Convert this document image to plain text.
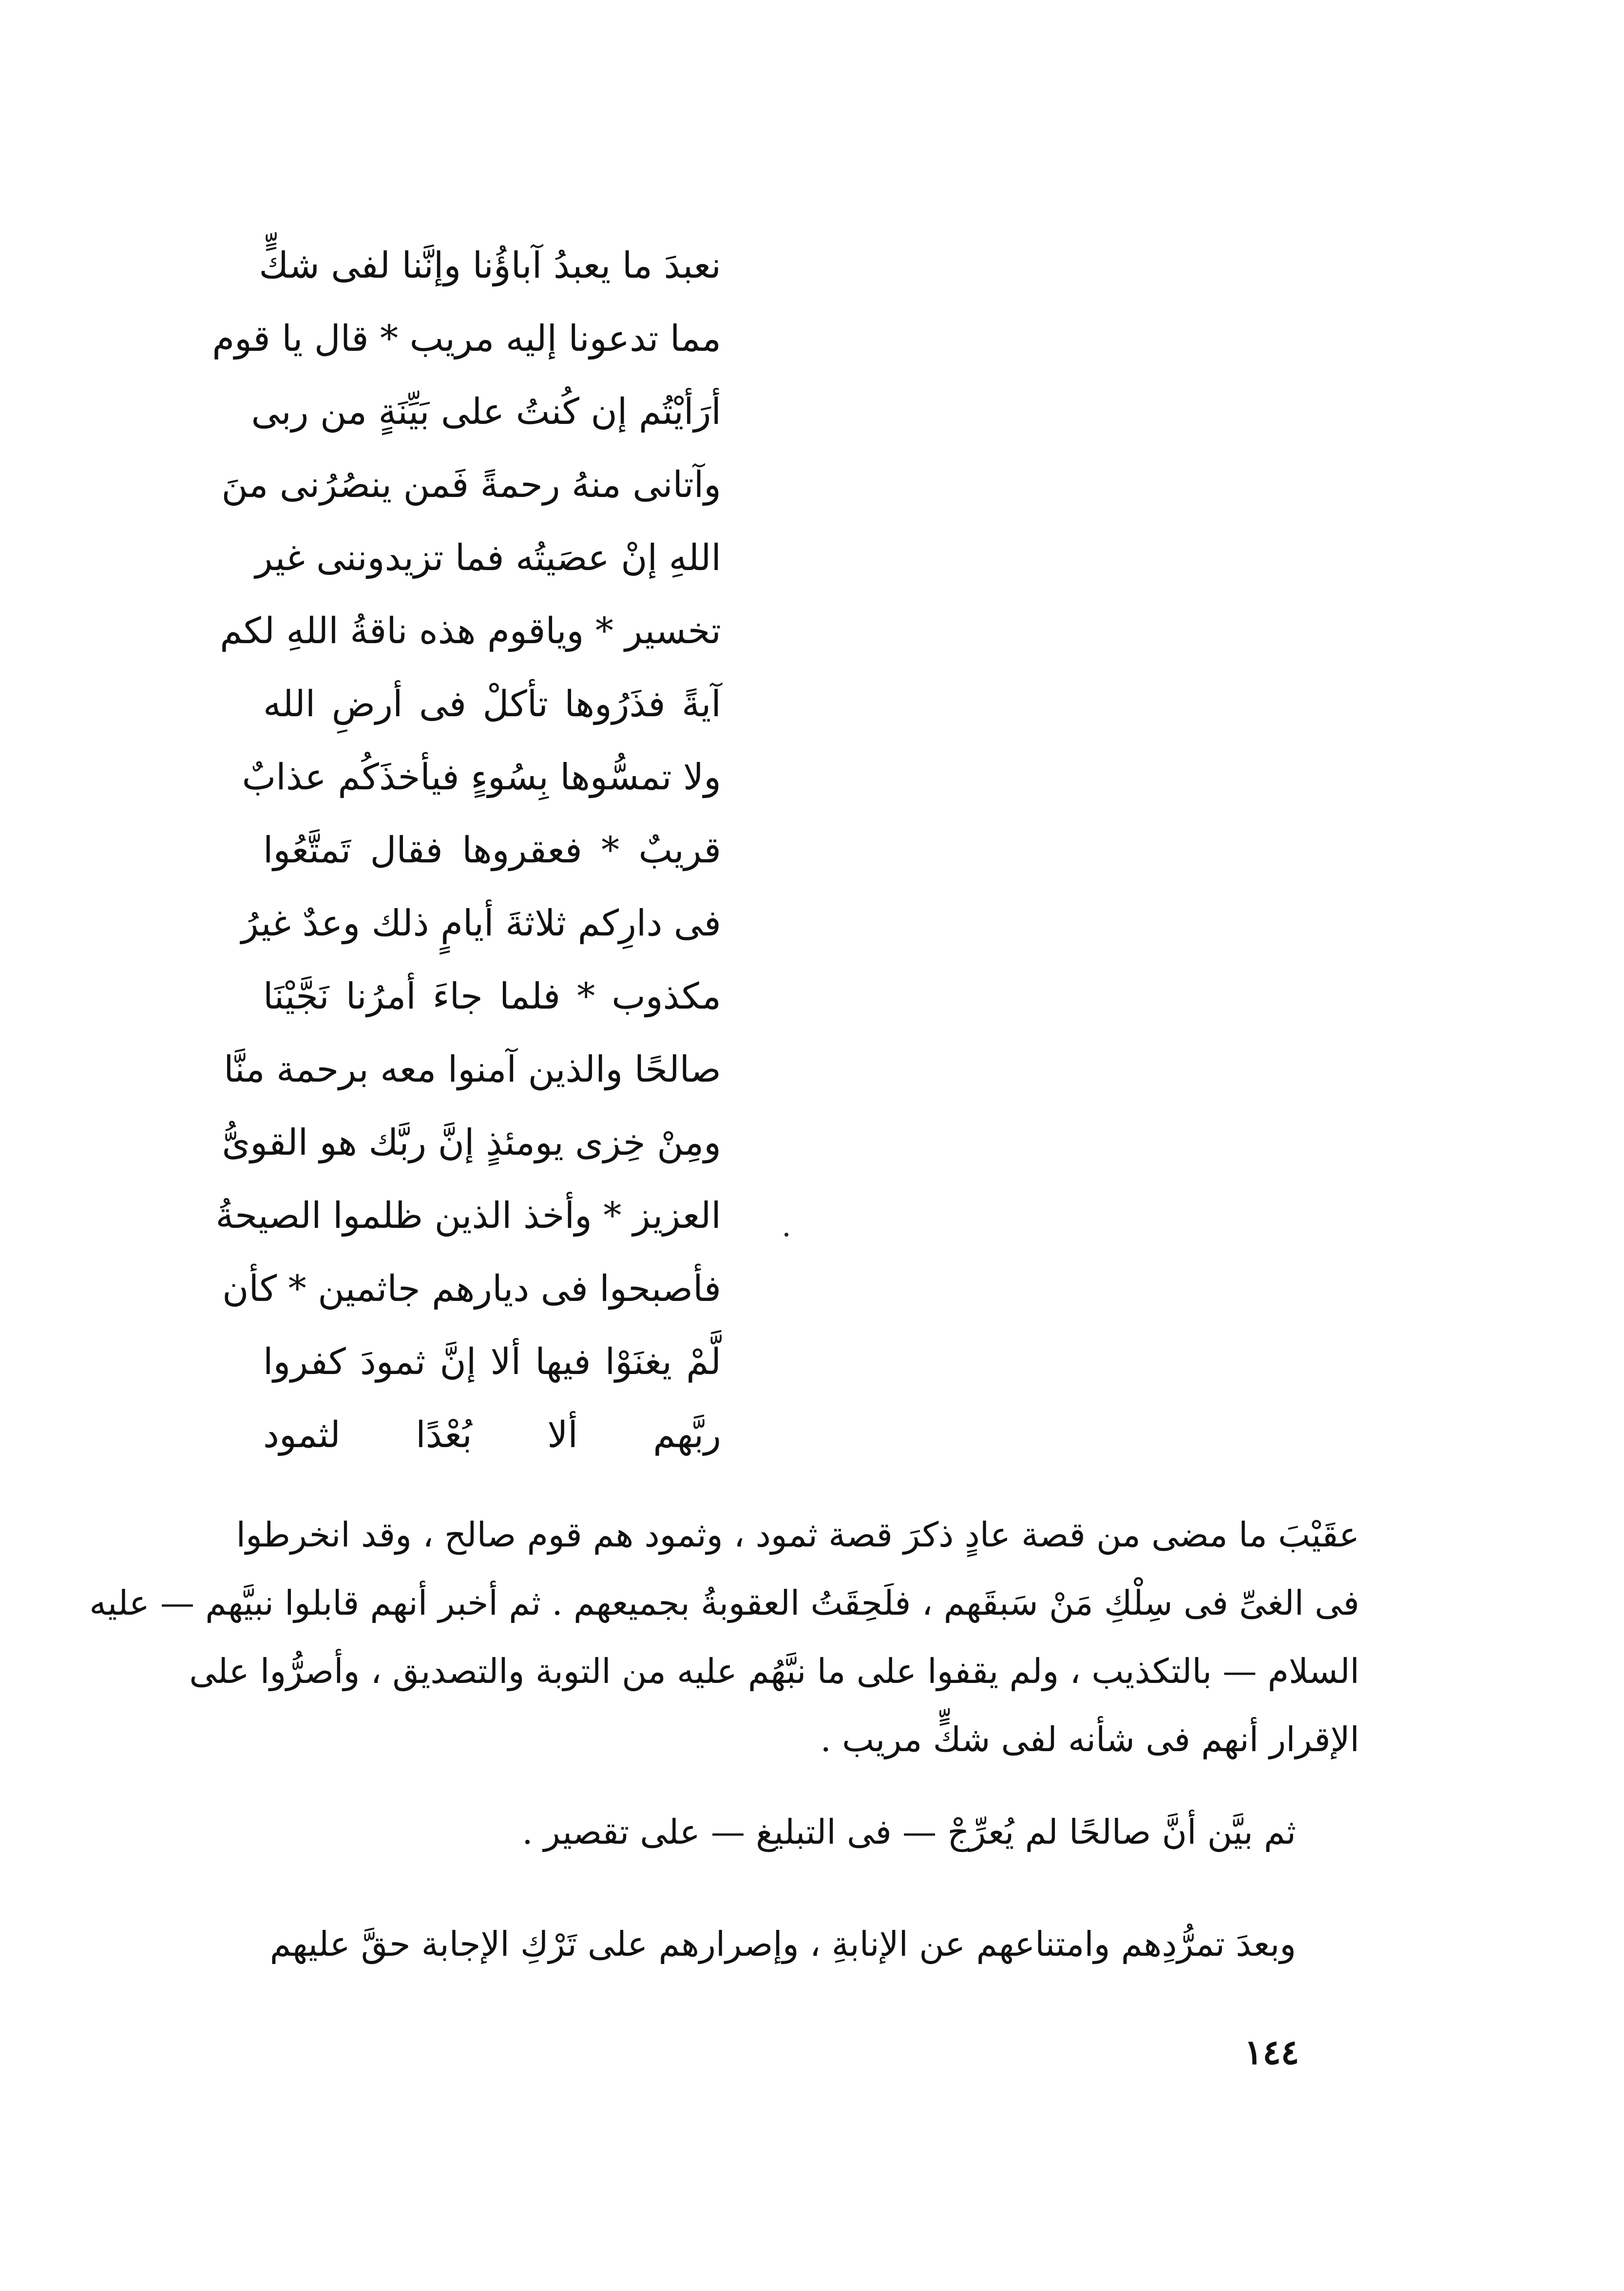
نعبدَ ما يعبدُ آباؤُنا وإنَّنا لفى شكٍّ
مما تدعونا إليه مريب * قال يا قوم
أرَأيْتُم إن كُنتُ على بَيِّنَةٍ من ربى
وآتانى منهُ رحمةً فَمن ينصُرُنى منَ
اللهِ إنْ عصَيتُه فما تزيدوننى غير
تخسير * وياقوم هذه ناقةُ اللهِ لكم
آيةً فذَرُوها تأكلْ فى أرضِ الله
ولا تمسُّوها بِسُوءٍ فيأخذَكُم عذابٌ
قريبٌ * فعقروها فقال تَمتَّعُوا
فى دارِكم ثلاثةَ أيامٍ ذلك وعدٌ غيرُ
مكذوب * فلما جاءَ أمرُنا نَجَّيْنَا
صالحًا والذين آمنوا معه برحمة منَّا
ومِنْ خِزى يومئذٍ إنَّ ربَّك هو القوىُّ
العزيز * وأخذ الذين ظلموا الصيحةُ
فأصبحوا فى ديارهم جاثمين * كأن
لَّمْ يغنَوْا فيها ألا إنَّ ثمودَ كفروا
ربَّهم ألا بُعْدًا لثمود
عقَيْبَ ما مضى من قصة عادٍ ذكرَ قصة ثمود ، وثمود هم قوم صالح ، وقد انخرطوا
فى الغىِّ فى سِلْكِ مَنْ سَبقَهم ، فلَحِقَتُ العقوبةُ بجميعهم . ثم أخبر أنهم قابلوا نبيَّهم — عليه
السلام — بالتكذيب ، ولم يقفوا على ما نبَّهُم عليه من التوبة والتصديق ، وأصرُّوا على
الإقرار أنهم فى شأنه لفى شكٍّ مريب .
ثم بيَّن أنَّ صالحًا لم يُعرِّجْ — فى التبليغ — على تقصير .
وبعدَ تمرُّدِهم وامتناعهم عن الإنابةِ ، وإصرارهم على تَرْكِ الإجابة حقَّ عليهم
١٤٤
